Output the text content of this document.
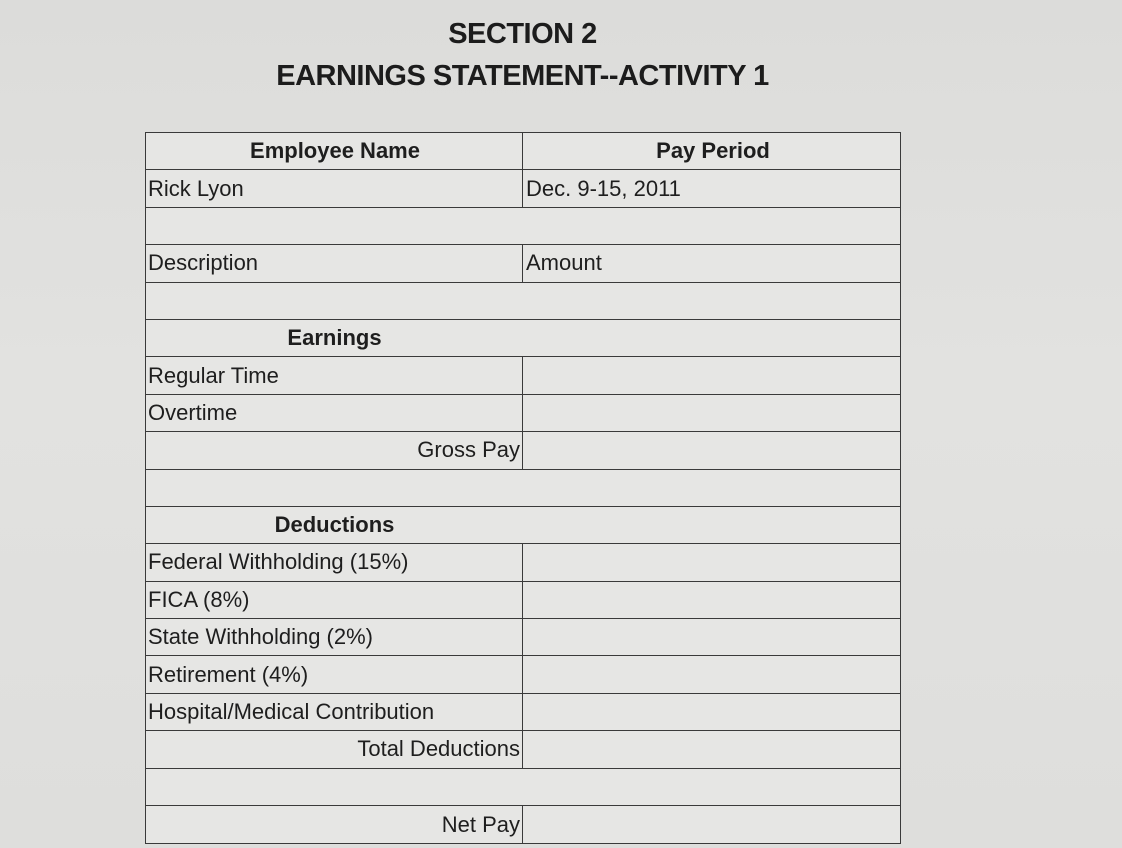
SECTION 2
EARNINGS STATEMENT--ACTIVITY 1
Employee Name	Pay Period
Rick Lyon	Dec. 9-15, 2011
Description	Amount
Earnings
Regular Time
Overtime
Gross Pay
Deductions
Federal Withholding (15%)
FICA (8%)
State Withholding (2%)
Retirement (4%)
Hospital/Medical Contribution
Total Deductions
Net Pay
